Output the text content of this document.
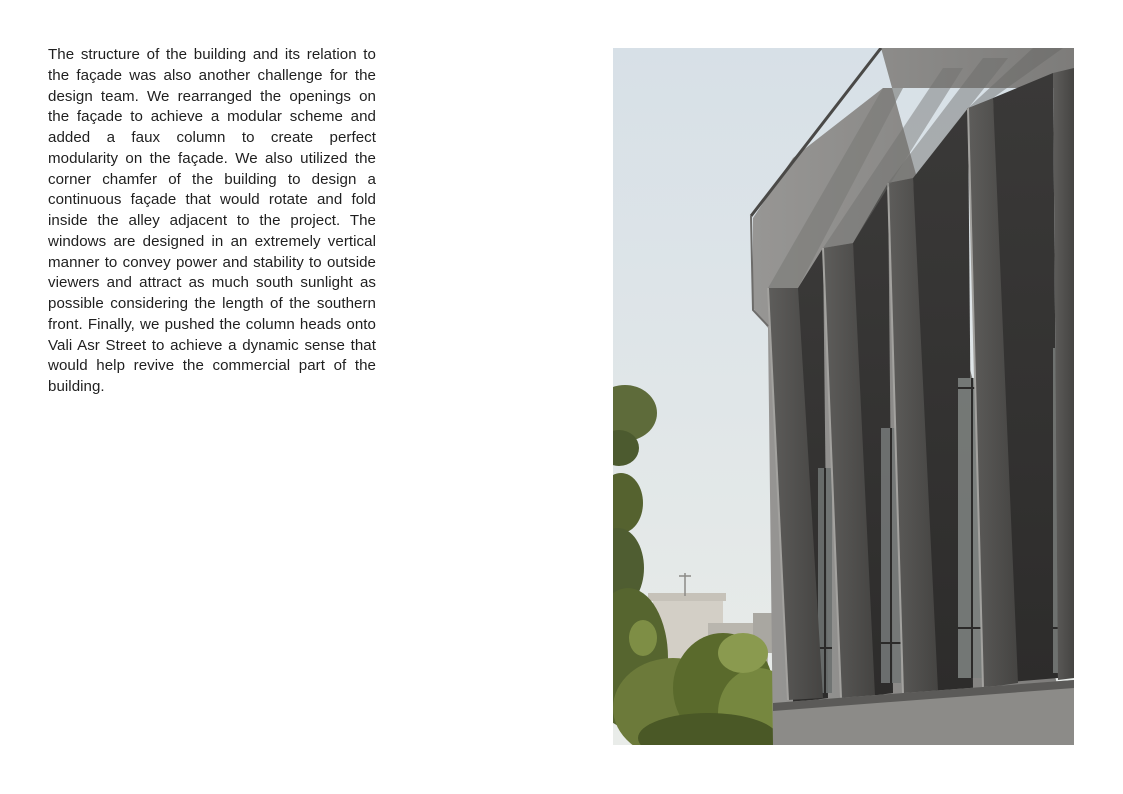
The structure of the building and its relation to the façade was also another challenge for the design team. We rearranged the openings on the façade to achieve a modular scheme and added a faux column to create perfect modularity on the façade. We also utilized the corner chamfer of the building to design a continuous façade that would rotate and fold inside the alley adjacent to the project. The windows are designed in an extremely vertical manner to convey power and stability to outside viewers and attract as much south sunlight as possible considering the length of the southern front. Finally, we pushed the column heads onto Vali Asr Street to achieve a dynamic sense that would help revive the commercial part of the building.
